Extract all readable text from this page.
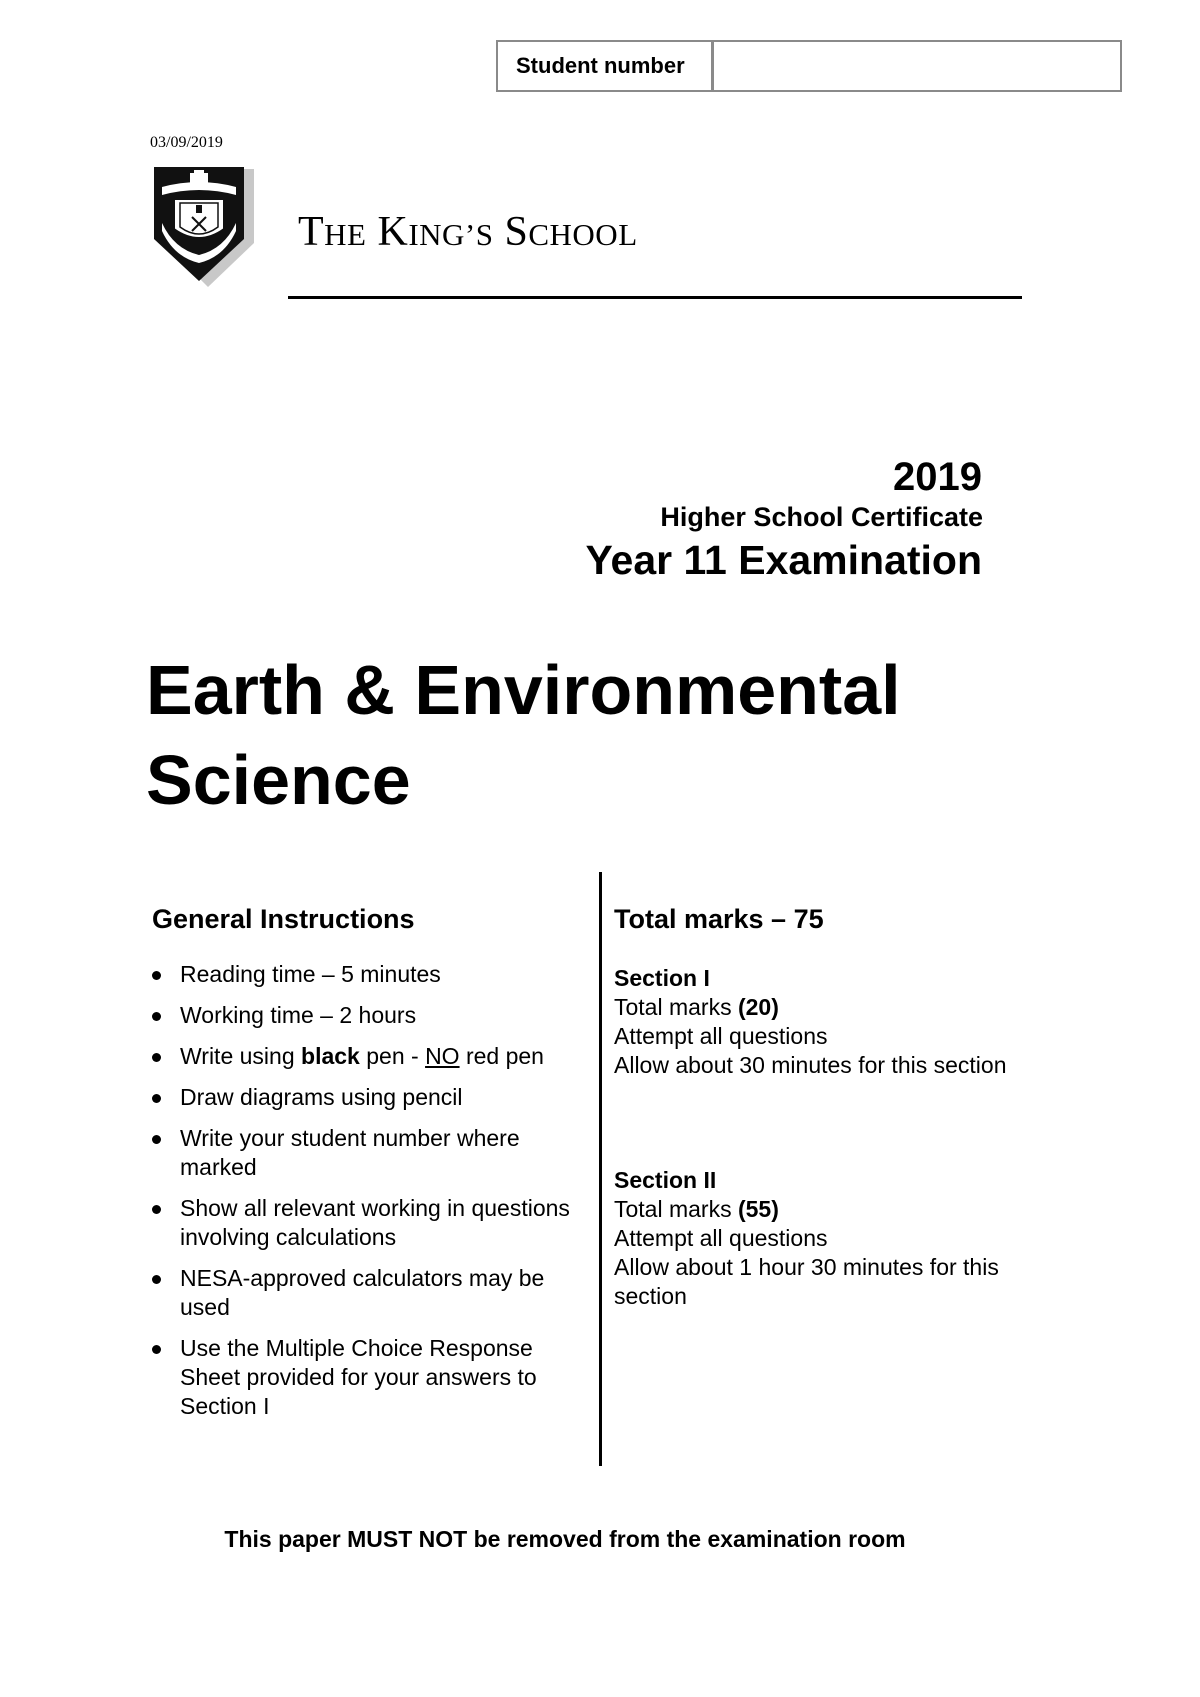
Student number
03/09/2019
THE KING’S SCHOOL
2019
Higher School Certificate
Year 11 Examination
Earth & Environmental
Science
General Instructions
Reading time – 5 minutes
Working time – 2 hours
Write using black pen - NO red pen
Draw diagrams using pencil
Write your student number where marked
Show all relevant working in questions involving calculations
NESA-approved calculators may be used
Use the Multiple Choice Response Sheet provided for your answers to Section I
Total marks – 75
Section I
Total marks (20)
Attempt all questions
Allow about 30 minutes for this section
Section II
Total marks (55)
Attempt all questions
Allow about 1 hour 30 minutes for this section
This paper MUST NOT be removed from the examination room
